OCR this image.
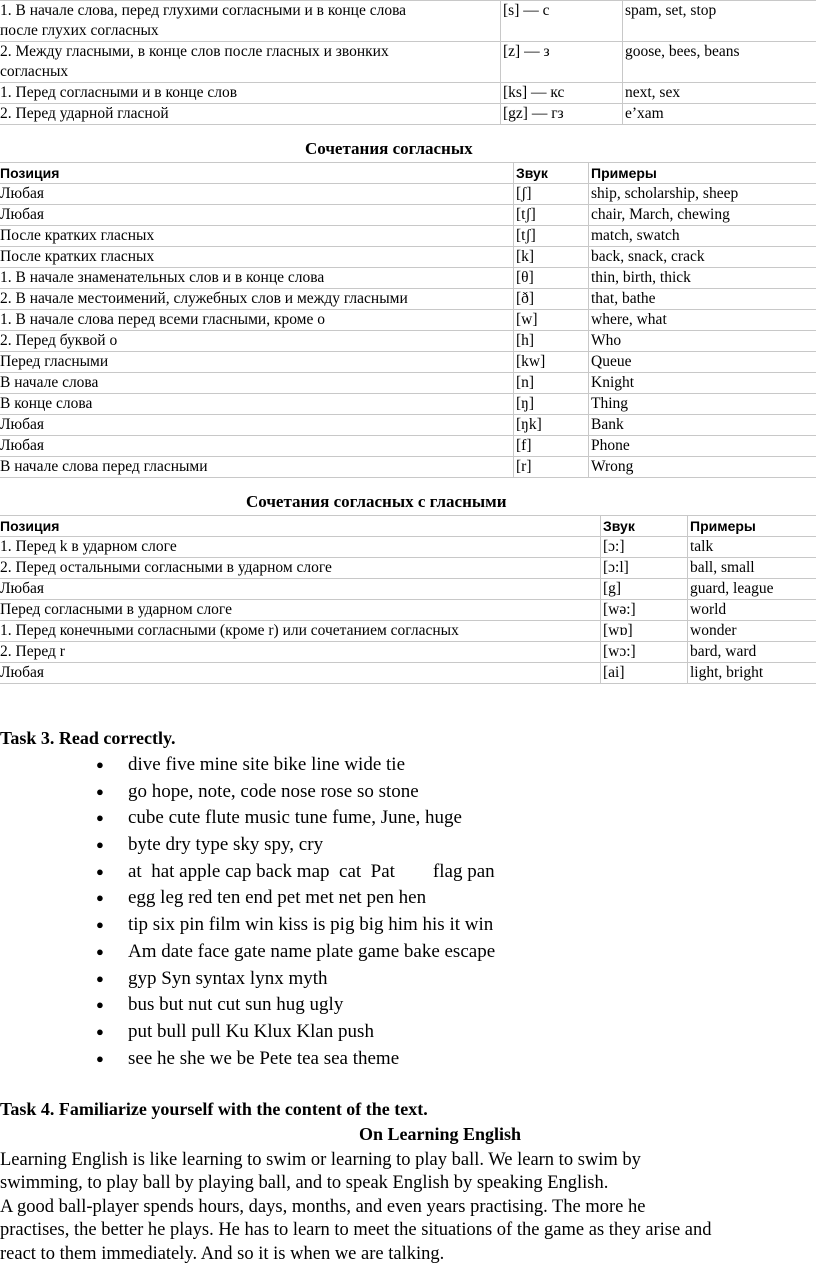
1. В начале слова, перед глухими согласными и в конце слова
после глухих согласных	[s] — с	spam, set, stop

2. Между гласными, в конце слов после гласных и звонких
согласных	[z] — з	goose, bees, beans

1. Перед согласными и в конце слов	[ks] — кс	next, sex

2. Перед ударной гласной	[gz] — гз	e’xam
Сочетания согласных
Позиция	Звук	Примеры
Любая	[ʃ]	ship, scholarship, sheep
Любая	[tʃ]	chair, March, chewing
После кратких гласных	[tʃ]	match, swatch
После кратких гласных	[k]	back, snack, crack
1. В начале знаменательных слов и в конце слова	[θ]	thin, birth, thick
2. В начале местоимений, служебных слов и между гласными	[ð]	that, bathe
1. В начале слова перед всеми гласными, кроме о	[w]	where, what
2. Перед буквой о	[h]	Who
Перед гласными	[kw]	Queue
В начале слова	[n]	Knight
В конце слова	[ŋ]	Thing
Любая	[ŋk]	Bank
Любая	[f]	Phone
В начале слова перед гласными	[r]	Wrong
Сочетания согласных с гласными
Позиция	Звук	Примеры
1. Перед k в ударном слоге	[ɔ:]	talk
2. Перед остальными согласными в ударном слоге	[ɔ:l]	ball, small
Любая	[g]	guard, league
Перед согласными в ударном слоге	[wə:]	world
1. Перед конечными согласными (кроме r) или сочетанием согласных	[wɒ]	wonder
2. Перед r	[wɔ:]	bard, ward
Любая	[ai]	light, bright
Task 3. Read correctly.
● dive five mine site bike line wide tie
● go hope, note, code nose rose so stone
● cube cute flute music tune fume, June, huge
● byte dry type sky spy, cry
● at  hat apple cap back map  cat  Pat        flag pan
● egg leg red ten end pet met net pen hen
● tip six pin film win kiss is pig big him his it win
● Am date face gate name plate game bake escape
● gyp Syn syntax lynx myth
● bus but nut cut sun hug ugly
● put bull pull Ku Klux Klan push
● see he she we be Pete tea sea theme
Task 4. Familiarize yourself with the content of the text.
On Learning English
Learning English is like learning to swim or learning to play ball. We learn to swim by
swimming, to play ball by playing ball, and to speak English by speaking English.
A good ball-player spends hours, days, months, and even years practising. The more he
practises, the better he plays. He has to learn to meet the situations of the game as they arise and
react to them immediately. And so it is when we are talking.
